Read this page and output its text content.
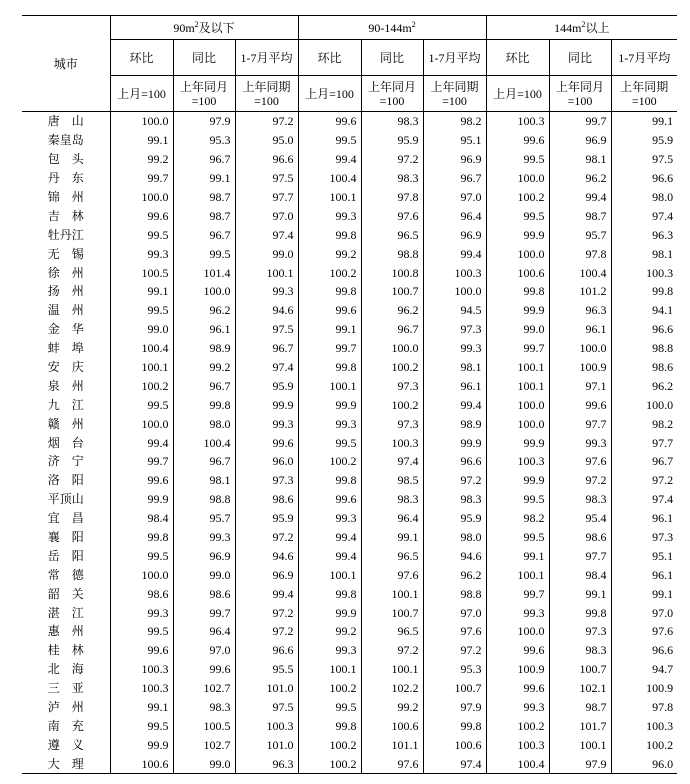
城市	$90m^2$及以下			$90-144m^2$			$144m^2$以上		
	环比	同比	1-7月平均	环比	同比	1-7月平均	环比	同比	1-7月平均
	上月=100	上年同月=100	上年同期=100	上月=100	上年同月=100	上年同期=100	上月=100	上年同月=100	上年同期=100
唐    山	100.0	97.9	97.2	99.6	98.3	98.2	100.3	99.7	99.1
秦皇岛	99.1	95.3	95.0	99.5	95.9	95.1	99.6	96.9	95.9
包    头	99.2	96.7	96.6	99.4	97.2	96.9	99.5	98.1	97.5
丹    东	99.7	99.1	97.5	100.4	98.3	96.7	100.0	96.2	96.6
锦    州	100.0	98.7	97.7	100.1	97.8	97.0	100.2	99.4	98.0
吉    林	99.6	98.7	97.0	99.3	97.6	96.4	99.5	98.7	97.4
牡丹江	99.5	96.7	97.4	99.8	96.5	96.9	99.9	95.7	96.3
无    锡	99.3	99.5	99.0	99.2	98.8	99.4	100.0	97.8	98.1
徐    州	100.5	101.4	100.1	100.2	100.8	100.3	100.6	100.4	100.3
扬    州	99.1	100.0	99.3	99.8	100.7	100.0	99.8	101.2	99.8
温    州	99.5	96.2	94.6	99.6	96.2	94.5	99.9	96.3	94.1
金    华	99.0	96.1	97.5	99.1	96.7	97.3	99.0	96.1	96.6
蚌    埠	100.4	98.9	96.7	99.7	100.0	99.3	99.7	100.0	98.8
安    庆	100.1	99.2	97.4	99.8	100.2	98.1	100.1	100.9	98.6
泉    州	100.2	96.7	95.9	100.1	97.3	96.1	100.1	97.1	96.2
九    江	99.5	99.8	99.9	99.9	100.2	99.4	100.0	99.6	100.0
赣    州	100.0	98.0	99.3	99.3	97.3	98.9	100.0	97.7	98.2
烟    台	99.4	100.4	99.6	99.5	100.3	99.9	99.9	99.3	97.7
济    宁	99.7	96.7	96.0	100.2	97.4	96.6	100.3	97.6	96.7
洛    阳	99.6	98.1	97.3	99.8	98.5	97.2	99.9	97.2	97.2
平顶山	99.9	98.8	98.6	99.6	98.3	98.3	99.5	98.3	97.4
宜    昌	98.4	95.7	95.9	99.3	96.4	95.9	98.2	95.4	96.1
襄    阳	99.8	99.3	97.2	99.4	99.1	98.0	99.5	98.6	97.3
岳    阳	99.5	96.9	94.6	99.4	96.5	94.6	99.1	97.7	95.1
常    德	100.0	99.0	96.9	100.1	97.6	96.2	100.1	98.4	96.1
韶    关	98.6	98.6	99.4	99.8	100.1	98.8	99.7	99.1	99.1
湛    江	99.3	99.7	97.2	99.9	100.7	97.0	99.3	99.8	97.0
惠    州	99.5	96.4	97.2	99.2	96.5	97.6	100.0	97.3	97.6
桂    林	99.6	97.0	96.6	99.3	97.2	97.2	99.6	98.3	96.6
北    海	100.3	99.6	95.5	100.1	100.1	95.3	100.9	100.7	94.7
三    亚	100.3	102.7	101.0	100.2	102.2	100.7	99.6	102.1	100.9
泸    州	99.1	98.3	97.5	99.5	99.2	97.9	99.3	98.7	97.8
南    充	99.5	100.5	100.3	99.8	100.6	99.8	100.2	101.7	100.3
遵    义	99.9	102.7	101.0	100.2	101.1	100.6	100.3	100.1	100.2
大    理	100.6	99.0	96.3	100.2	97.6	97.4	100.4	97.9	96.0
